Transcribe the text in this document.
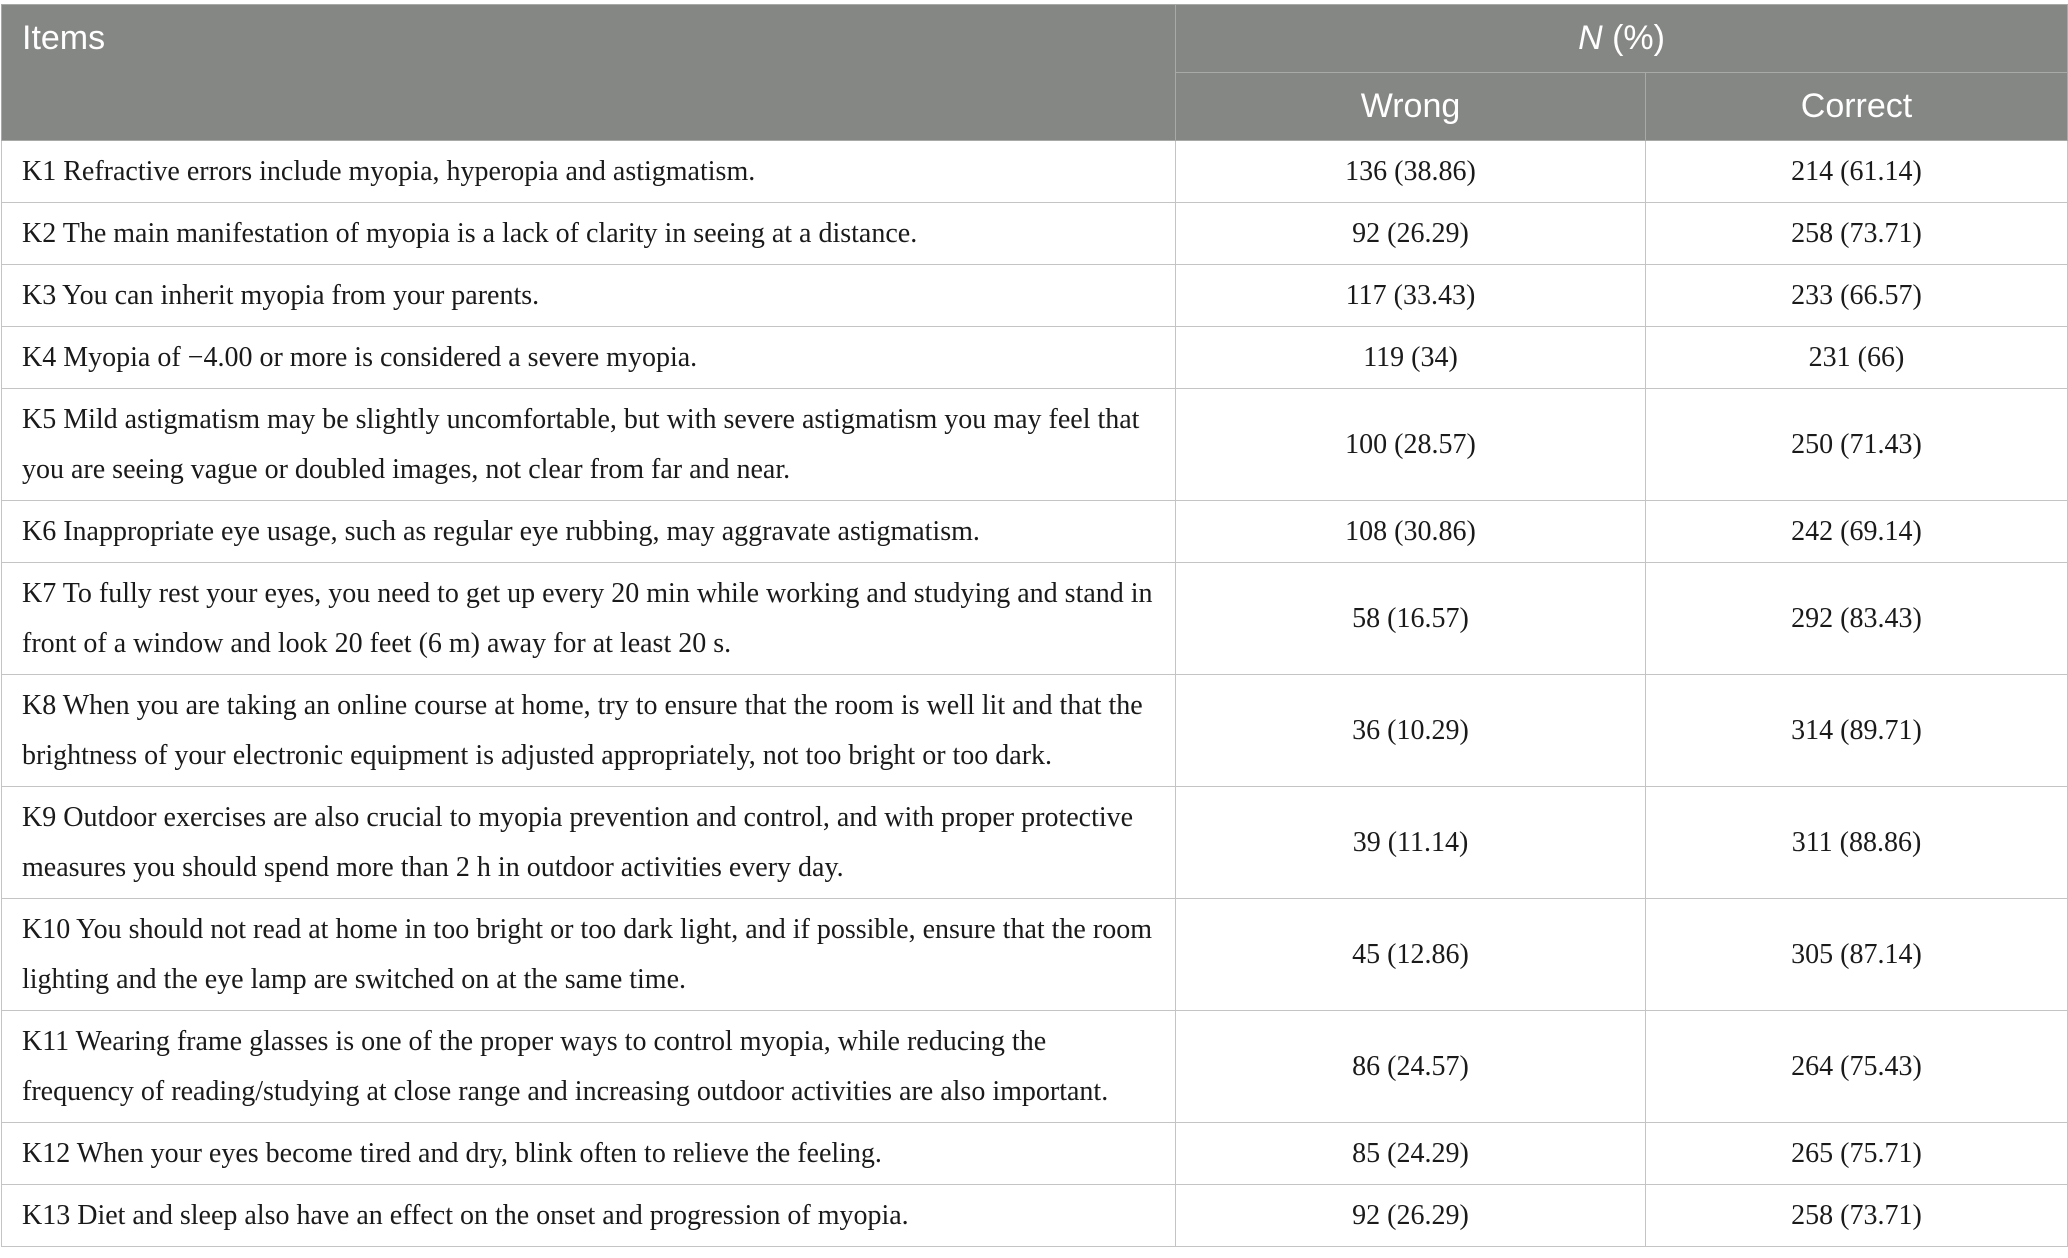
Items	N (%)	
	Wrong	Correct
K1 Refractive errors include myopia, hyperopia and astigmatism.	136 (38.86)	214 (61.14)
K2 The main manifestation of myopia is a lack of clarity in seeing at a distance.	92 (26.29)	258 (73.71)
K3 You can inherit myopia from your parents.	117 (33.43)	233 (66.57)
K4 Myopia of −4.00 or more is considered a severe myopia.	119 (34)	231 (66)
K5 Mild astigmatism may be slightly uncomfortable, but with severe astigmatism you may feel that you are seeing vague or doubled images, not clear from far and near.	100 (28.57)	250 (71.43)
K6 Inappropriate eye usage, such as regular eye rubbing, may aggravate astigmatism.	108 (30.86)	242 (69.14)
K7 To fully rest your eyes, you need to get up every 20 min while working and studying and stand in front of a window and look 20 feet (6 m) away for at least 20 s.	58 (16.57)	292 (83.43)
K8 When you are taking an online course at home, try to ensure that the room is well lit and that the brightness of your electronic equipment is adjusted appropriately, not too bright or too dark.	36 (10.29)	314 (89.71)
K9 Outdoor exercises are also crucial to myopia prevention and control, and with proper protective measures you should spend more than 2 h in outdoor activities every day.	39 (11.14)	311 (88.86)
K10 You should not read at home in too bright or too dark light, and if possible, ensure that the room lighting and the eye lamp are switched on at the same time.	45 (12.86)	305 (87.14)
K11 Wearing frame glasses is one of the proper ways to control myopia, while reducing the frequency of reading/studying at close range and increasing outdoor activities are also important.	86 (24.57)	264 (75.43)
K12 When your eyes become tired and dry, blink often to relieve the feeling.	85 (24.29)	265 (75.71)
K13 Diet and sleep also have an effect on the onset and progression of myopia.	92 (26.29)	258 (73.71)
